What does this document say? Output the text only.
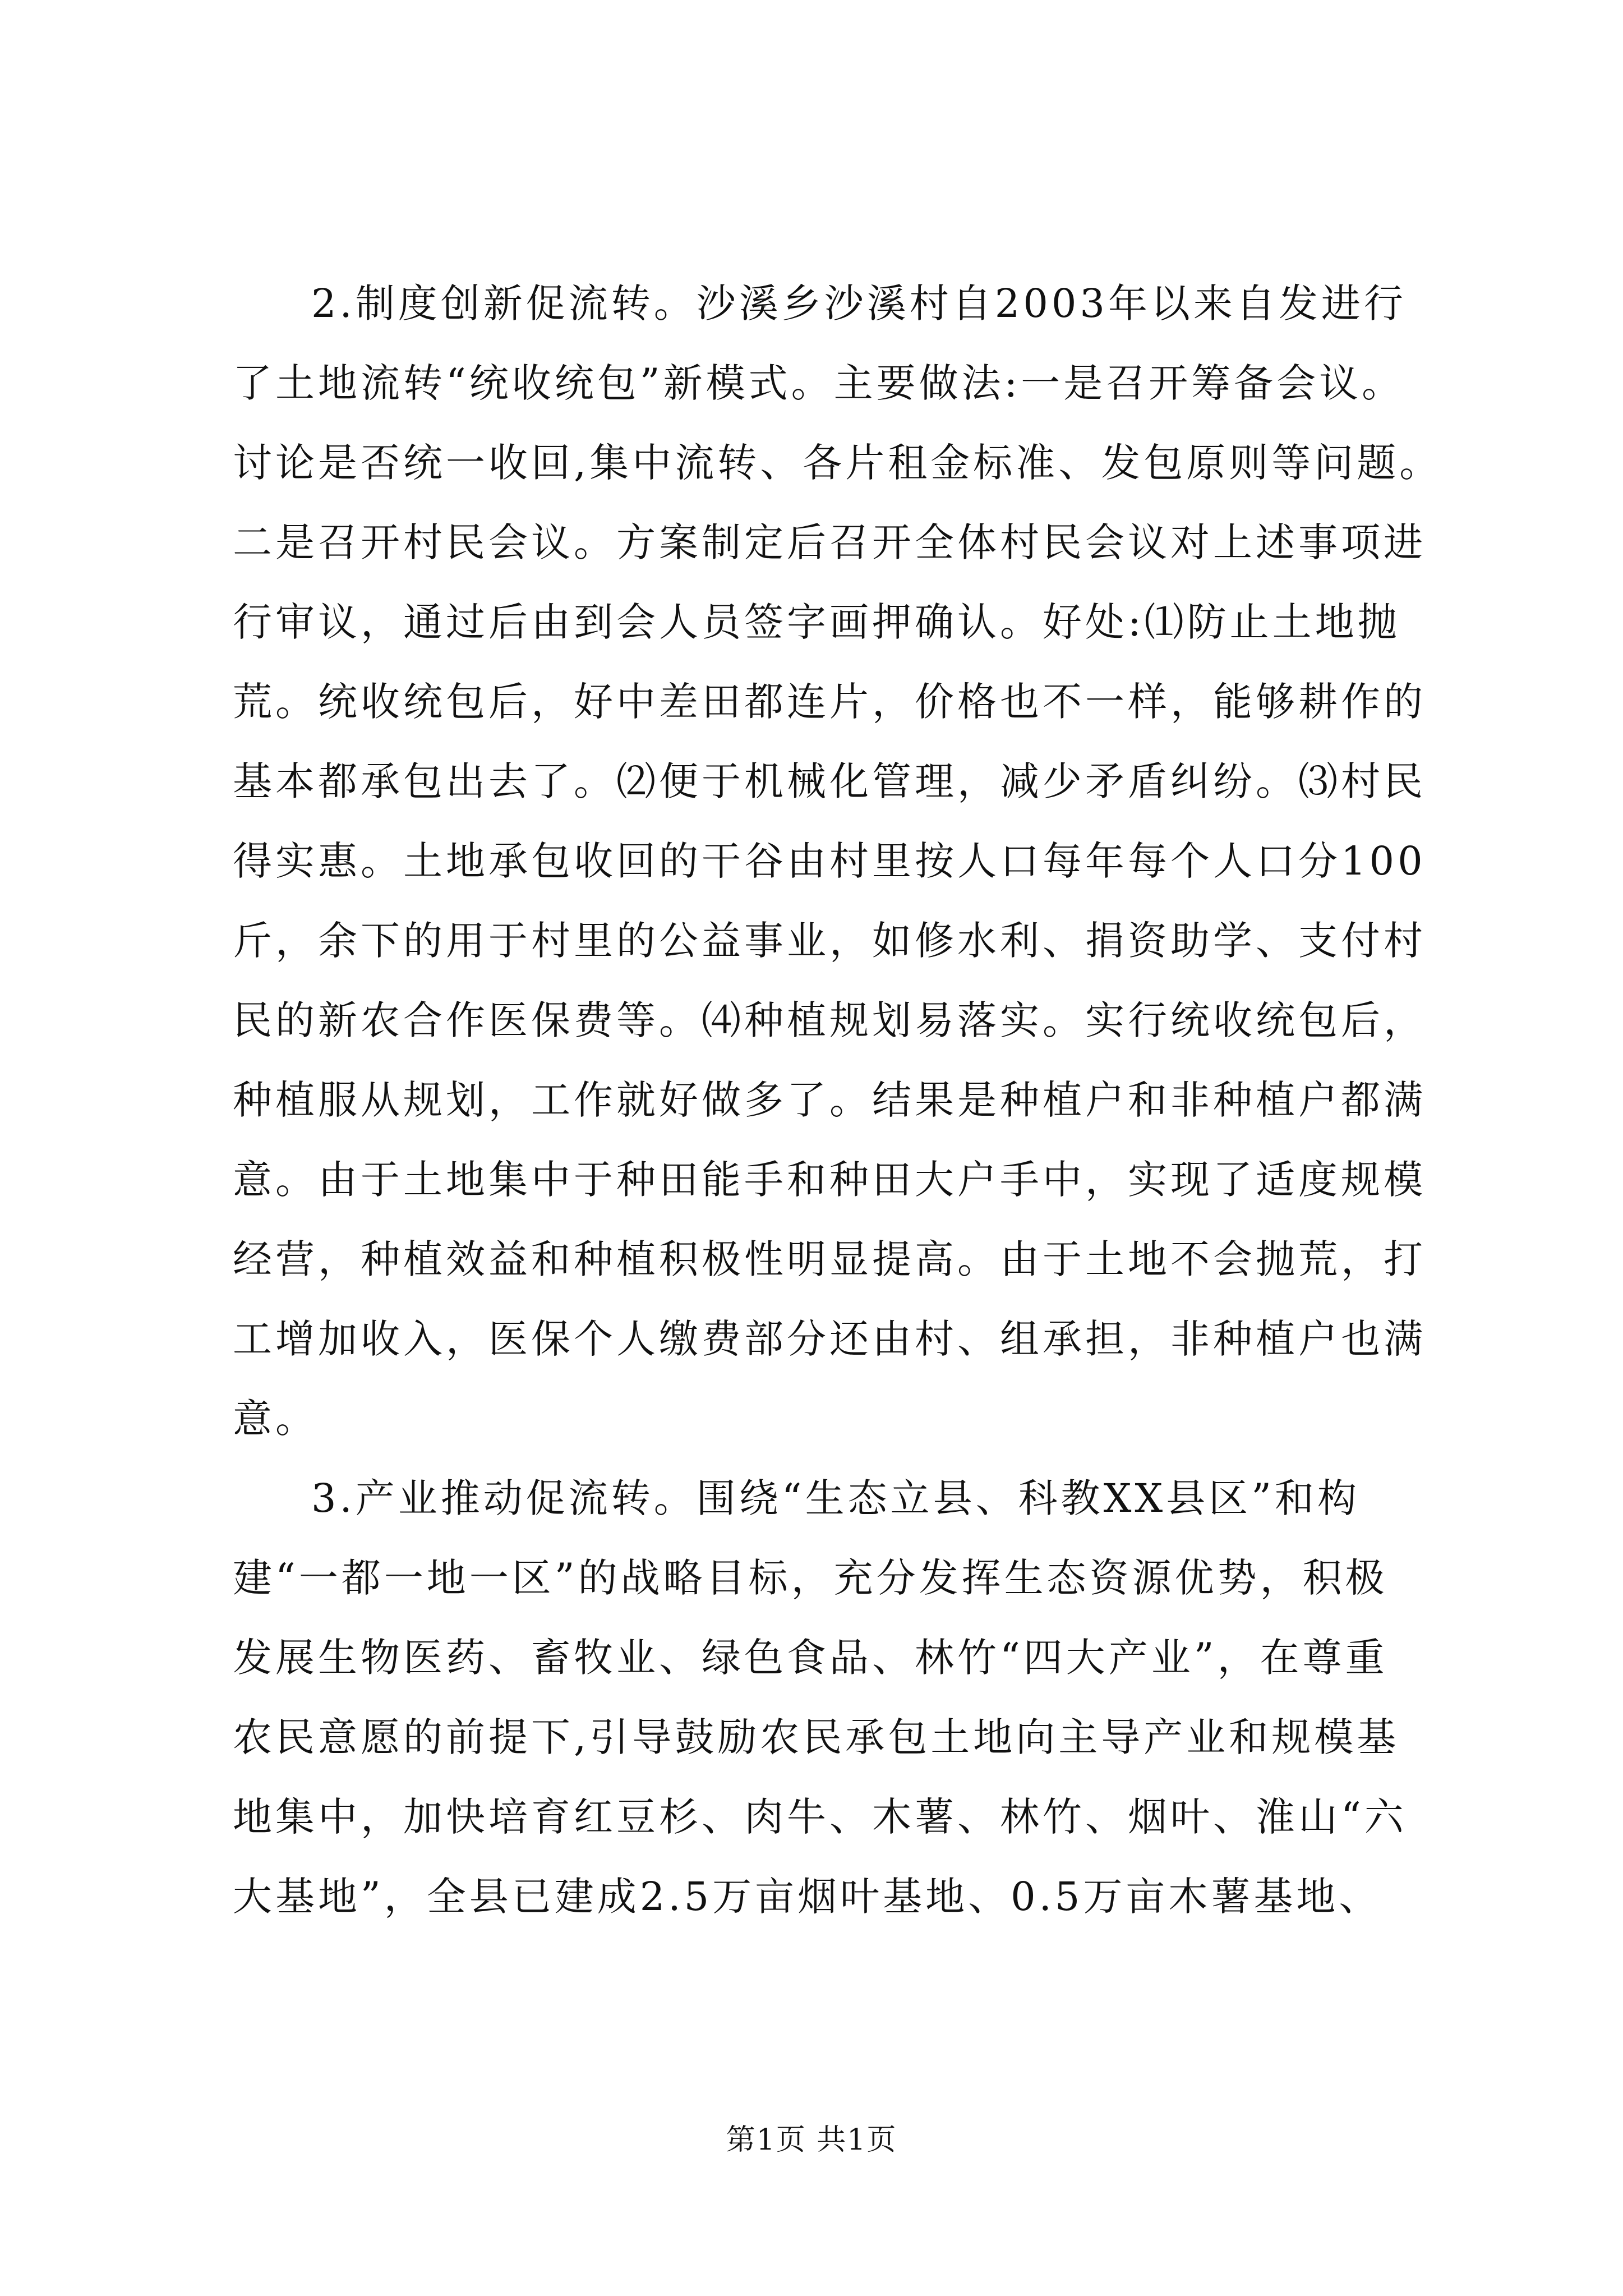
2.制度创新促流转。沙溪乡沙溪村自2003年以来自发进行
了土地流转“统收统包”新模式。主要做法:一是召开筹备会议。
讨论是否统一收回,集中流转、各片租金标准、发包原则等问题。
二是召开村民会议。方案制定后召开全体村民会议对上述事项进
行审议，通过后由到会人员签字画押确认。好处:⑴防止土地抛
荒。统收统包后，好中差田都连片，价格也不一样，能够耕作的
基本都承包出去了。⑵便于机械化管理，减少矛盾纠纷。⑶村民
得实惠。土地承包收回的干谷由村里按人口每年每个人口分100
斤，余下的用于村里的公益事业，如修水利、捐资助学、支付村
民的新农合作医保费等。⑷种植规划易落实。实行统收统包后，
种植服从规划，工作就好做多了。结果是种植户和非种植户都满
意。由于土地集中于种田能手和种田大户手中，实现了适度规模
经营，种植效益和种植积极性明显提高。由于土地不会抛荒，打
工增加收入，医保个人缴费部分还由村、组承担，非种植户也满
意。
3.产业推动促流转。围绕“生态立县、科教XX县区”和构
建“一都一地一区”的战略目标，充分发挥生态资源优势，积极
发展生物医药、畜牧业、绿色食品、林竹“四大产业”，在尊重
农民意愿的前提下,引导鼓励农民承包土地向主导产业和规模基
地集中，加快培育红豆杉、肉牛、木薯、林竹、烟叶、淮山“六
大基地”，全县已建成2.5万亩烟叶基地、0.5万亩木薯基地、
第1页 共1页
